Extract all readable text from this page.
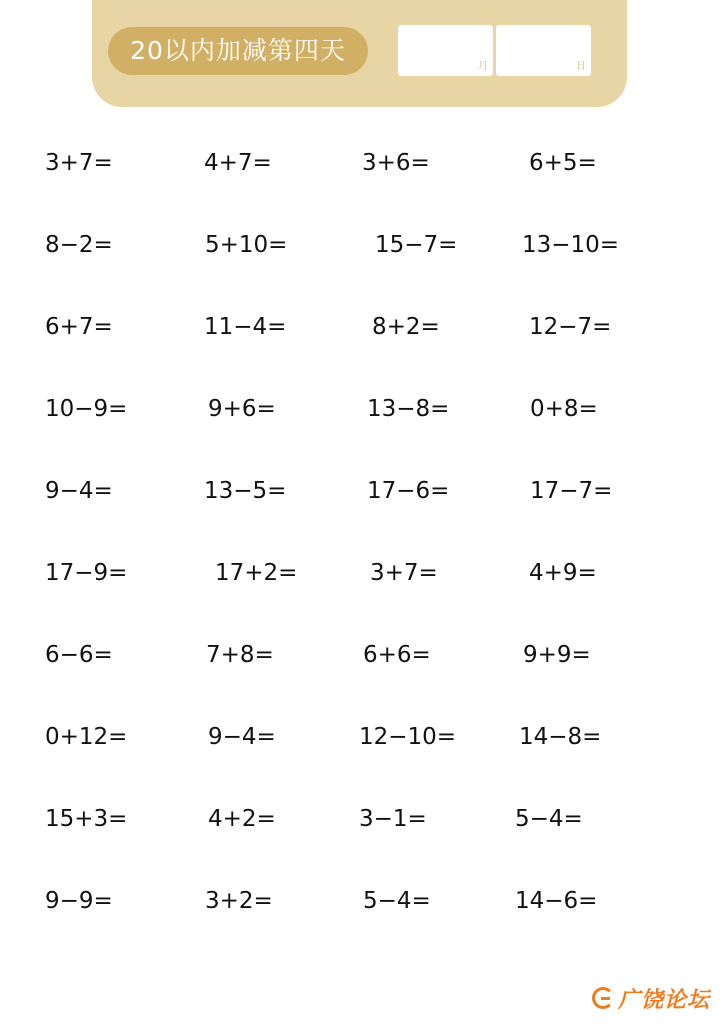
20以内加减第四天
月	日
3+7=	4+7=	3+6=	6+5=
8−2=	5+10=	15−7=	13−10=
6+7=	11−4=	8+2=	12−7=
10−9=	9+6=	13−8=	0+8=
9−4=	13−5=	17−6=	17−7=
17−9=	17+2=	3+7=	4+9=
6−6=	7+8=	6+6=	9+9=
0+12=	9−4=	12−10=	14−8=
15+3=	4+2=	3−1=	5−4=
9−9=	3+2=	5−4=	14−6=
广饶论坛
